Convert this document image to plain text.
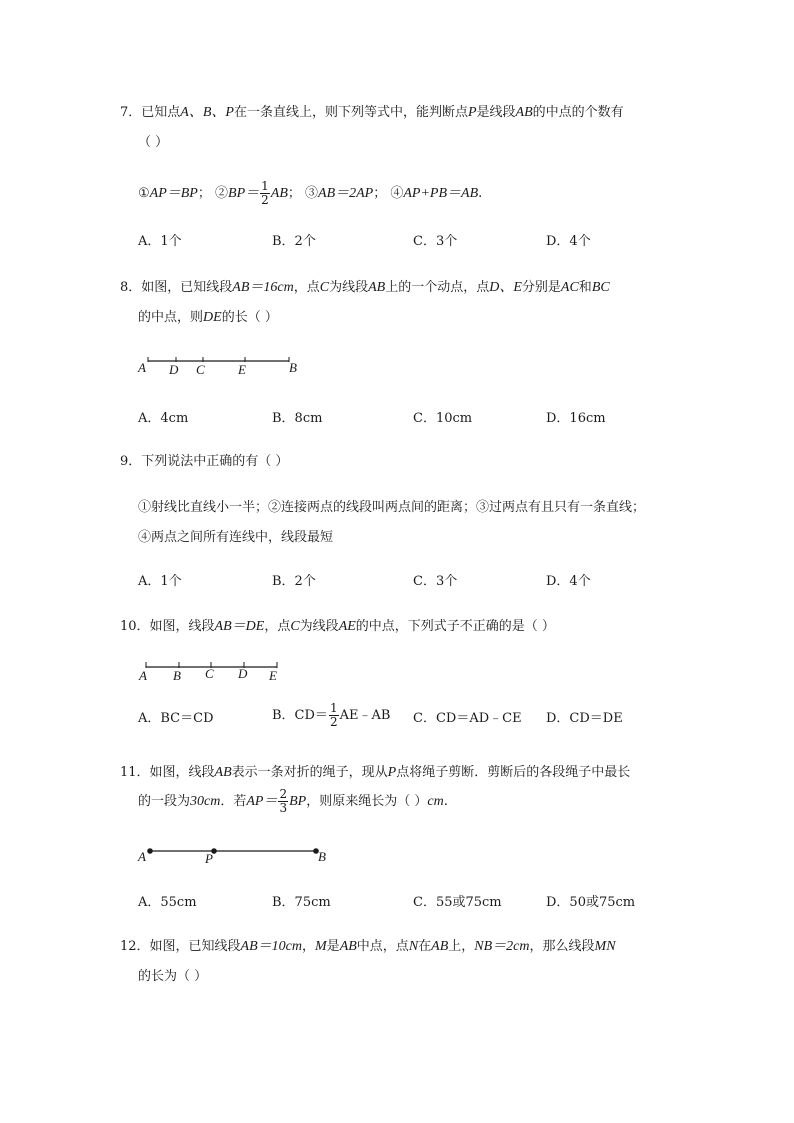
7．已知点A、B、P在一条直线上，则下列等式中，能判断点P是线段AB的中点的个数有
（ ）
①AP＝BP； ②BP＝ $\frac{1}{2}$ AB； ③AB＝2AP； ④AP+PB＝AB.
A．1个	B．2个	C．3个	D．4个
8．如图，已知线段AB＝16cm，点C为线段AB上的一个动点，点D、E分别是AC和BC
的中点，则DE的长（ ）
A D C	E	B
A B C D E
A	P	B
A．4cm	B．8cm	C．10cm	D．16cm
9．下列说法中正确的有（ ）
①射线比直线小一半；②连接两点的线段叫两点间的距离；③过两点有且只有一条直线；
④两点之间所有连线中，线段最短
A．1个	B．2个	C．3个	D．4个
10．如图，线段AB＝DE，点C为线段AE的中点，下列式子不正确的是（ ）
A．BC＝CD	B．$CD= \frac{1}{2}$ AE﹣AB C．CD＝AD﹣CE D．CD＝DE
11．如图，线段AB表示一条对折的绳子，现从P点将绳子剪断．剪断后的各段绳子中最长
的一段为30cm．若$AP= \frac{2}{3}$ BP，则原来绳长为（ ）cm.
A．55cm	B．75cm	C．55或75cm	D．50或75cm
12．如图，已知线段AB＝10cm，M是AB中点，点N在AB上，NB＝2cm，那么线段MN
的长为（ ）
